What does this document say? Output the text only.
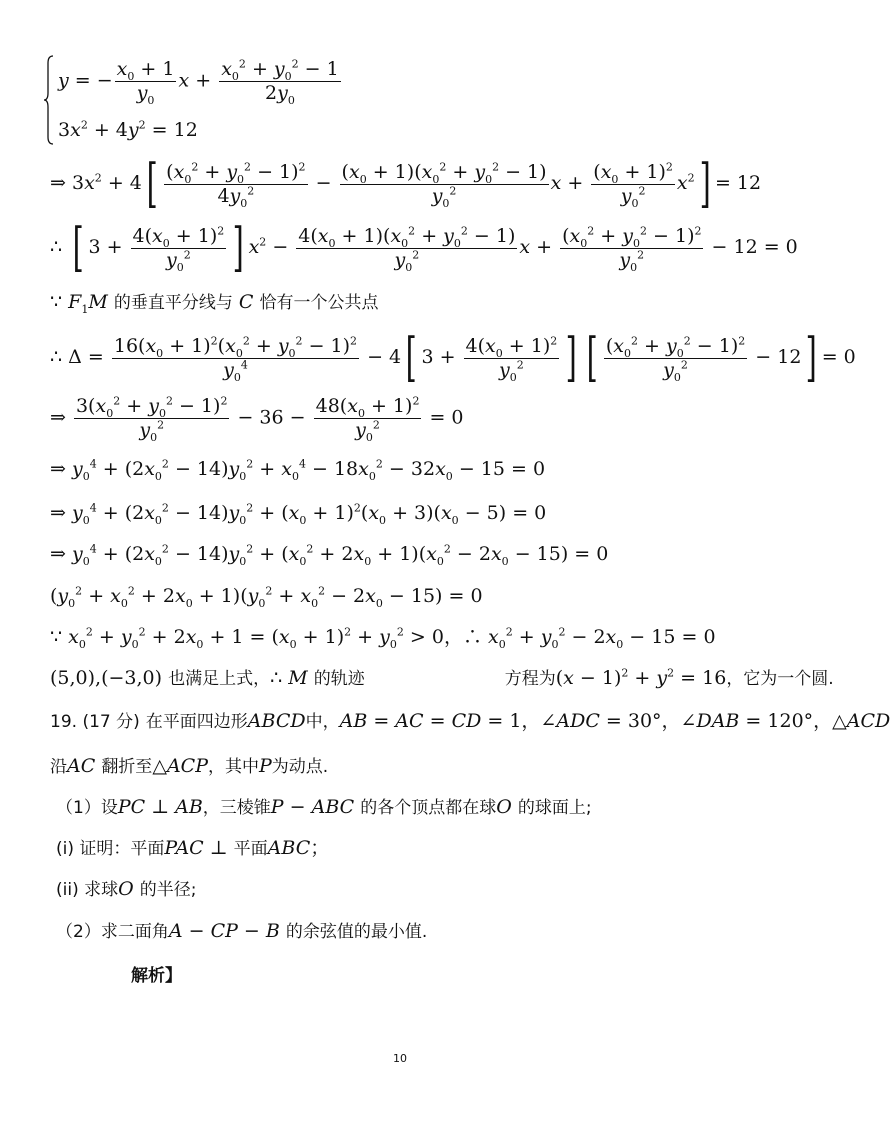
y = − $\frac{x_0 + 1}{y_0}$ $x + \frac{x_0^2 + y_0^2 - 1}{2y_0}$
$3x^2 + 4y^2 = 12$
⇒ $3x^2 + 4[ \frac{(x_0^2 + y_0^2 - 1)^2}{4y_0^2} - \frac{(x_0 + 1)(x_0^2 + y_0^2 - 1)}{y_0^2}$ $x + \frac{(x_0 + 1)^2}{y_0^2} x^2] = 12$
∴ [ $3 + \frac{4(x_0 + 1)^2}{y_0^2}$ ] $x^2 - \frac{4(x_0 + 1)(x_0^2 + y_0^2 - 1)}{y_0^2}$ $x + \frac{(x_0^2 + y_0^2 - 1)^2}{y_0^2} - 12 = 0$
∵ $F_1M$ 的垂直平分线与 C 恰有一个公共点
∴ $\Delta = \frac{16(x_0 + 1)^2(x_0^2 + y_0^2 - 1)^2}{y_0^4} - 4$[ $3 + \frac{4(x_0 + 1)^2}{y_0^2}$ ] [ $\frac{(x_0^2 + y_0^2 - 1)^2}{y_0^2} - 12] = 0$
⇒ $\frac{3(x_0^2 + y_0^2 - 1)^2}{y_0^2} - 36 - \frac{48(x_0 + 1)^2}{y_0^2} = 0$
⇒ $y_0^4 + (2x_0^2 - 14)y_0^2 + x_0^4 - 18x_0^2 - 32x_0 - 15 = 0$
⇒ $y_0^4 + (2x_0^2 - 14)y_0^2 + (x_0 + 1)^2(x_0 + 3)(x_0 - 5) = 0$
⇒ $y_0^4 + (2x_0^2 - 14)y_0^2 + (x_0^2 + 2x_0 + 1)(x_0^2 - 2x_0 - 15) = 0$
$(y_0^2 + x_0^2 + 2x_0 + 1)(y_0^2 + x_0^2 - 2x_0 - 15) = 0$
∵ $x_0^2 + y_0^2 + 2x_0 + 1 = (x_0 + 1)^2 + y_0^2 > 0$，∴ $x_0^2 + y_0^2 - 2x_0 - 15 = 0$
(5,0),(−3,0) 也满足上式，∴ M 的轨迹	方程为$(x - 1)^2 + y^2 = 16$，它为一个圆.
19. (17 分) 在平面四边形ABCD中，AB = AC = CD = 1，∠ADC = 30°，∠DAB = 120°，△ACD
沿AC 翻折至△ACP，其中P为动点.
（1）设PC ⊥ AB，三棱锥P − ABC 的各个顶点都在球O 的球面上;
(i) 证明：平面PAC ⊥ 平面ABC；
(ii) 求球O 的半径;
（2）求二面角A − CP − B 的余弦值的最小值.
解析】
10
